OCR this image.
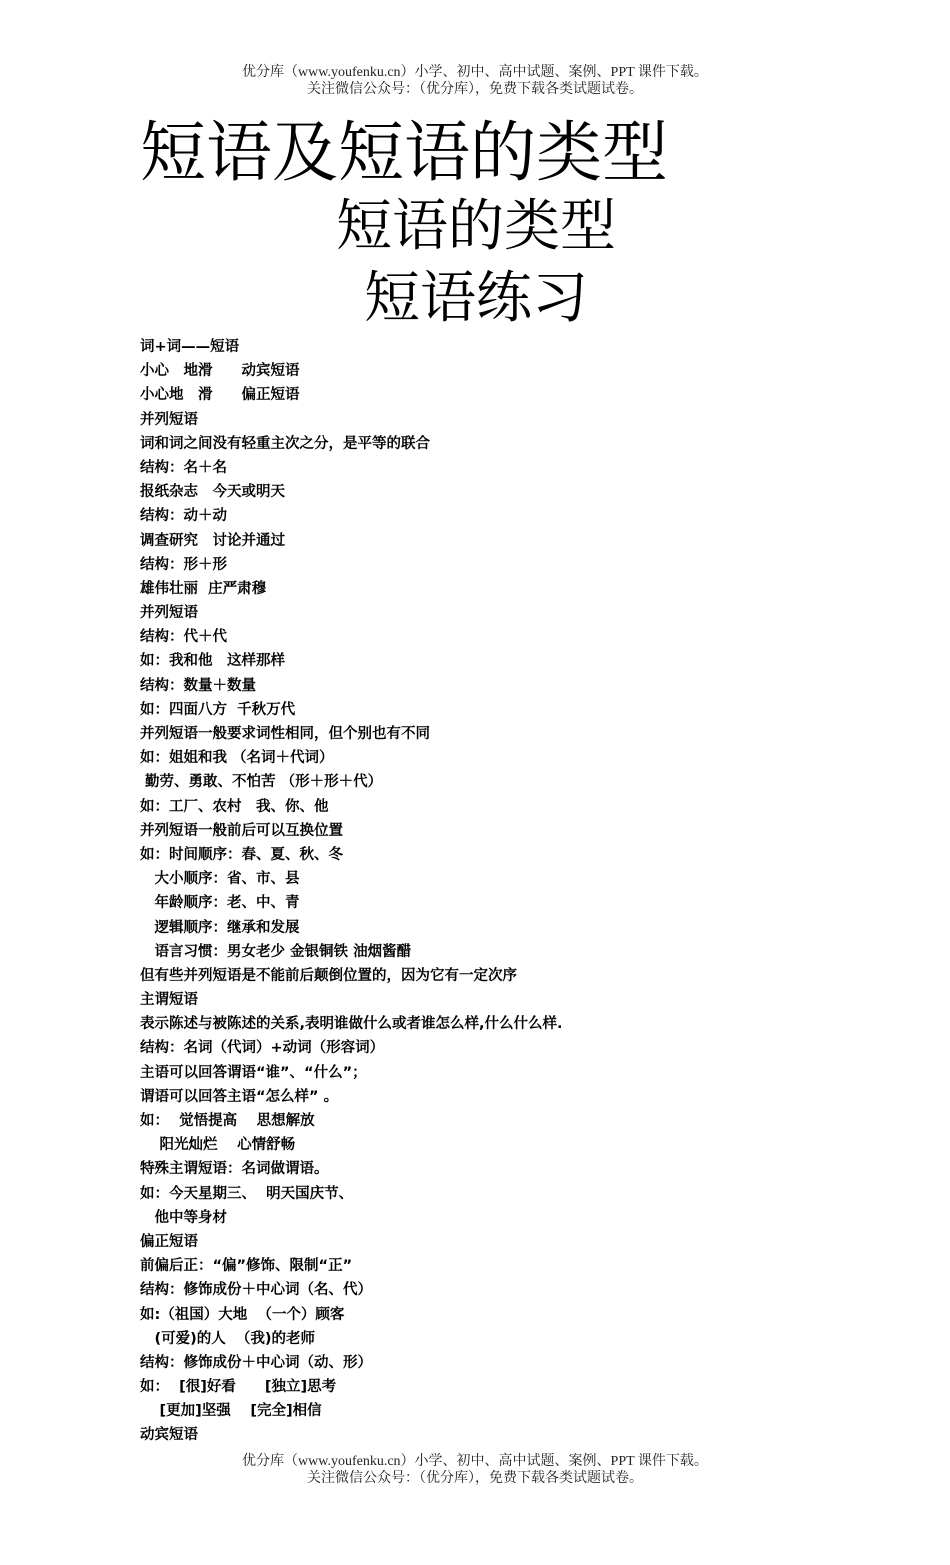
优分库（www.youfenku.cn）小学、初中、高中试题、案例、PPT 课件下载。
关注微信公众号：（优分库），免费下载各类试题试卷。
短语及短语的类型
短语的类型
短语练习
词+词——短语
小心　地滑　　动宾短语
小心地　滑　　偏正短语
并列短语
词和词之间没有轻重主次之分，是平等的联合
结构：名＋名
报纸杂志　今天或明天
结构：动＋动
调查研究　讨论并通过
结构：形＋形
雄伟壮丽  庄严肃穆
并列短语
结构：代＋代
如：我和他　这样那样
结构：数量＋数量
如：四面八方  千秋万代
并列短语一般要求词性相同，但个别也有不同
如：姐姐和我 （名词＋代词）
勤劳、勇敢、不怕苦 （形＋形＋代）
如：工厂、农村　我、你、他
并列短语一般前后可以互换位置
如：时间顺序：春、夏、秋、冬
　大小顺序：省、市、县
　年龄顺序：老、中、青
　逻辑顺序：继承和发展
　语言习惯：男女老少 金银铜铁 油烟酱醋
但有些并列短语是不能前后颠倒位置的，因为它有一定次序
主谓短语
表示陈述与被陈述的关系,表明谁做什么或者谁怎么样,什么什么样.
结构：名词（代词）+动词（形容词）
主语可以回答谓语“谁”、“什么”；
谓语可以回答主语“怎么样” 。
如：  觉悟提高　 思想解放
　 阳光灿烂　 心情舒畅
特殊主谓短语：名词做谓语。
如：今天星期三、  明天国庆节、
　他中等身材
偏正短语
前偏后正：“偏”修饰、限制“正”
结构：修饰成份＋中心词（名、代）
如:（祖国）大地  （一个）顾客
　(可爱)的人  （我)的老师
结构：修饰成份＋中心词（动、形）
如：  [很]好看　　[独立]思考
　 [更加]坚强　 [完全]相信
动宾短语
优分库（www.youfenku.cn）小学、初中、高中试题、案例、PPT 课件下载。
关注微信公众号：（优分库），免费下载各类试题试卷。
